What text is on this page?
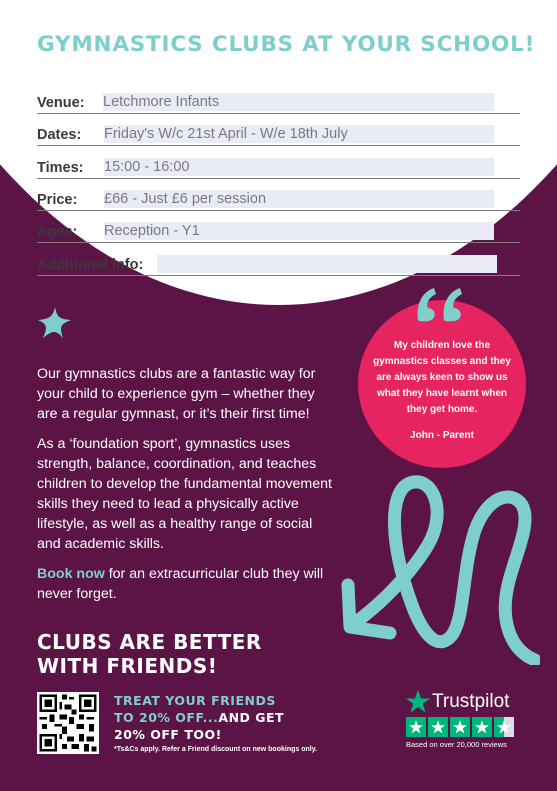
GYMNASTICS CLUBS AT YOUR SCHOOL!
Venue: Letchmore Infants
Dates: Friday's W/c 21st April - W/e 18th July
Times: 15:00 - 16:00
Price: £66 - Just £6 per session
Ages: Reception - Y1
Additional info:
Our gymnastics clubs are a fantastic way for your child to experience gym – whether they are a regular gymnast, or it’s their first time!
As a ‘foundation sport’, gymnastics uses strength, balance, coordination, and teaches children to develop the fundamental movement skills they need to lead a physically active lifestyle, as well as a healthy range of social and academic skills.
Book now for an extracurricular club they will never forget.
My children love the gymnastics classes and they are always keen to show us what they have learnt when they get home.
John - Parent
CLUBS ARE BETTER
WITH FRIENDS!
TREAT YOUR FRIENDS
TO 20% OFF...AND GET
20% OFF TOO!
*Ts&Cs apply. Refer a Friend discount on new bookings only.
Trustpilot
Based on over 20,000 reviews
